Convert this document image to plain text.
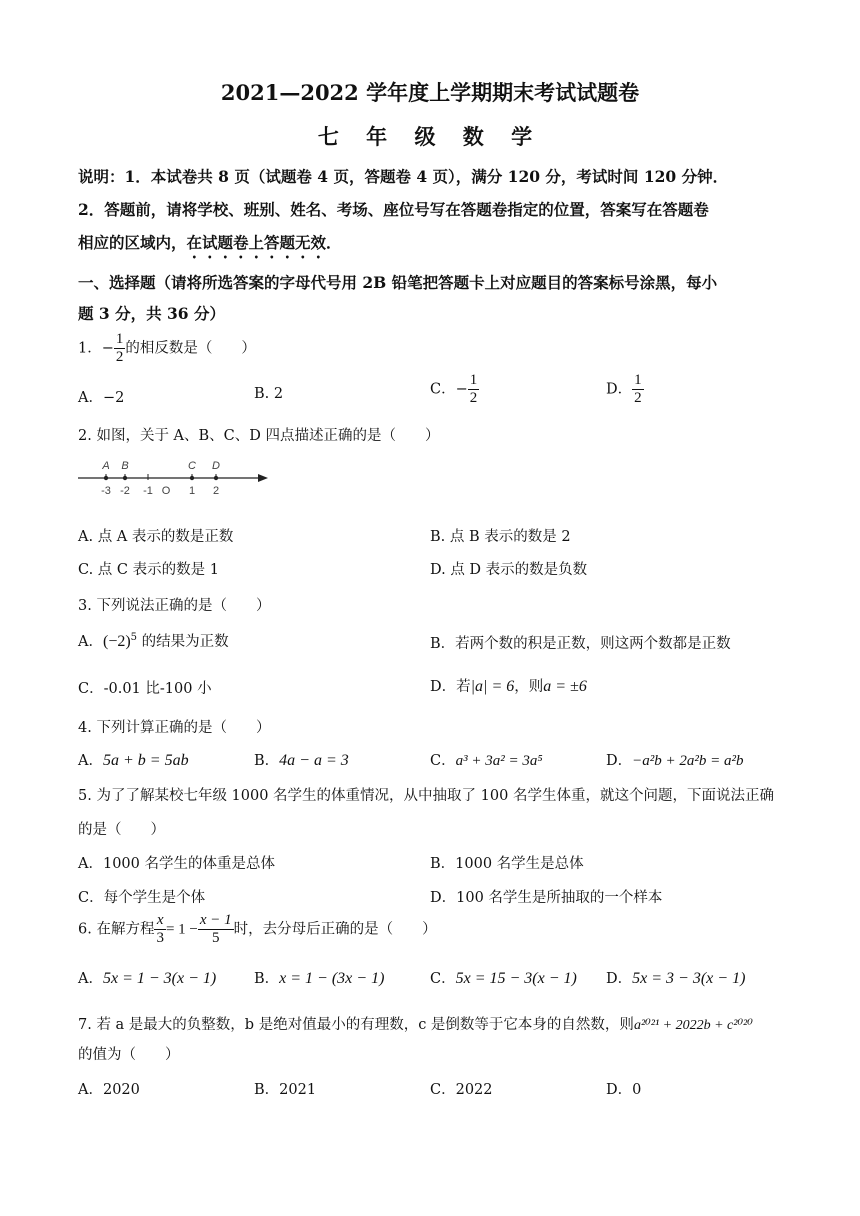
2021—2022 学年度上学期期末考试试题卷
七 年 级 数 学
说明：1．本试卷共 8 页（试题卷 4 页，答题卷 4 页），满分 120 分，考试时间 120 分钟．
2．答题前，请将学校、班别、姓名、考场、座位号写在答题卷指定的位置，答案写在答题卷
相应的区域内，在试题卷上答题无效．
一、选择题（请将所选答案的字母代号用 2B 铅笔把答题卡上对应题目的答案标号涂黑，每小
题 3 分，共 36 分）
1．− $\frac{1}{2}$ 的相反数是（　　）
A．−2	B. 2	C．− $\frac{1}{2}$	D． $\frac{1}{2}$
2. 如图，关于 A、B、C、D 四点描述正确的是（　　）
-3 -2 -1 O 1 2
A B	C D
A. 点 A 表示的数是正数	B. 点 B 表示的数是 2
C. 点 C 表示的数是 1	D. 点 D 表示的数是负数
3. 下列说法正确的是（　　）
A．$(-2)^5$ 的结果为正数	B．若两个数的积是正数，则这两个数都是正数
C．-0.01 比-100 小	D．若|a| = 6，则a = ±6
4. 下列计算正确的是（　　）
A．5a + b = 5ab	B．4a − a = 3	C．a³ + 3a² = 3a⁵	D．−a²b + 2a²b = a²b
5. 为了了解某校七年级 1000 名学生的体重情况，从中抽取了 100 名学生体重，就这个问题，下面说法正确
的是（　　）
A．1000 名学生的体重是总体	B．1000 名学生是总体
C．每个学生是个体	D．100 名学生是所抽取的一个样本
6. 在解方程 $\frac{x}{3} = 1 - \frac{x - 1}{5}$ 时，去分母后正确的是（　　）
A．5x = 1 − 3(x − 1)	B．x = 1 − (3x − 1)	C．5x = 15 − 3(x − 1) D．5x = 3 − 3(x − 1)
7. 若 a 是最大的负整数，b 是绝对值最小的有理数，c 是倒数等于它本身的自然数，则a²⁰²¹ + 2022b + c²⁰²⁰
的值为（　　）
A．2020	B．2021	C．2022	D．0
